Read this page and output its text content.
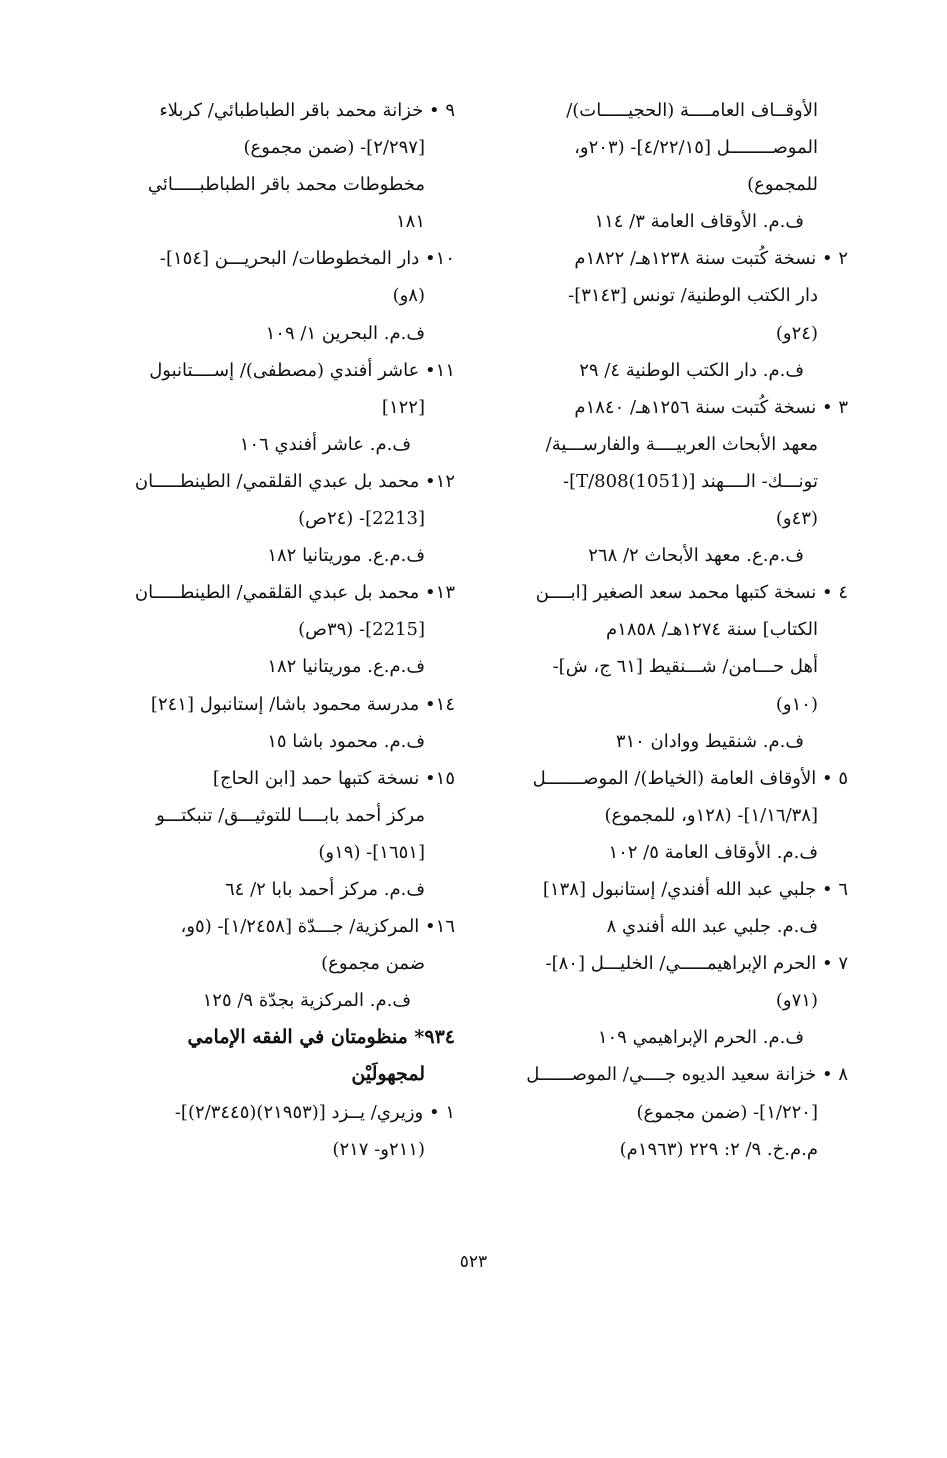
الأوقــاف العامــــة (الحجيـــــات)/
الموصــــــــل [٤/٢٢/١٥]- (٢٠٣و،
للمجموع)
ف.م. الأوقاف العامة ٣/ ١١٤
٢ • نسخة كُتبت سنة ١٢٣٨هـ/ ١٨٢٢م
دار الكتب الوطنية/ تونس [٣١٤٣]-
(٢٤و)
ف.م. دار الكتب الوطنية ٤/ ٢٩
٣ • نسخة كُتبت سنة ١٢٥٦هـ/ ١٨٤٠م
معهد الأبحاث العربيــــة والفارســـية/
تونـــك- الــــهند [T/808(1051)]-
(٤٣و)
ف.م.ع. معهد الأبحاث ٢/ ٢٦٨
٤ • نسخة كتبها محمد سعد الصغير [ابــــن
الكتاب] سنة ١٢٧٤هـ/ ١٨٥٨م
أهل حـــامن/ شـــنقيط [٦١ ج، ش]-
(١٠و)
ف.م. شنقيط ووادان ٣١٠
٥ • الأوقاف العامة (الخياط)/ الموصـــــــل
[١/١٦/٣٨]- (١٢٨و، للمجموع)
ف.م. الأوقاف العامة ٥/ ١٠٢
٦ • جلبي عبد الله أفندي/ إستانبول [١٣٨]
ف.م. جلبي عبد الله أفندي ٨
٧ • الحرم الإبراهيمـــــي/ الخليـــل [٨٠]-
(٧١و)
ف.م. الحرم الإبراهيمي ١٠٩
٨ • خزانة سعيد الديوه جــــي/ الموصــــــل
[١/٢٢٠]- (ضمن مجموع)
م.م.خ. ٩/ ٢: ٢٢٩ (١٩٦٣م)
٩ • خزانة محمد باقر الطباطبائي/ كربلاء
[٢/٢٩٧]- (ضمن مجموع)
مخطوطات محمد باقر الطباطبـــــائي
١٨١
١٠• دار المخطوطات/ البحريـــن [١٥٤]-
(٨و)
ف.م. البحرين ١/ ١٠٩
١١• عاشر أفندي (مصطفى)/ إســــتانبول
[١٢٢]
ف.م. عاشر أفندي ١٠٦
١٢• محمد بل عبدي القلقمي/ الطينطـــــان
[2213]- (٢٤ص)
ف.م.ع. موريتانيا ١٨٢
١٣• محمد بل عبدي القلقمي/ الطينطـــــان
[2215]- (٣٩ص)
ف.م.ع. موريتانيا ١٨٢
١٤• مدرسة محمود باشا/ إستانبول [٢٤١]
ف.م. محمود باشا ١٥
١٥• نسخة كتبها حمد [ابن الحاج]
مركز أحمد بابــــا للتوثيـــق/ تنبكتـــو
[١٦٥١]- (١٩و)
ف.م. مركز أحمد بابا ٢/ ٦٤
١٦• المركزية/ جـــدّة [١/٢٤٥٨]- (٥و،
ضمن مجموع)
ف.م. المركزية بجدّة ٩/ ١٢٥
٩٣٤* منظومتان في الفقه الإمامي
لمجهولَيْن
١ • وزيري/ يــزد [(٢١٩٥٣)(٢/٣٤٤٥)]-
(٢١١و- ٢١٧)
٥٢٣
